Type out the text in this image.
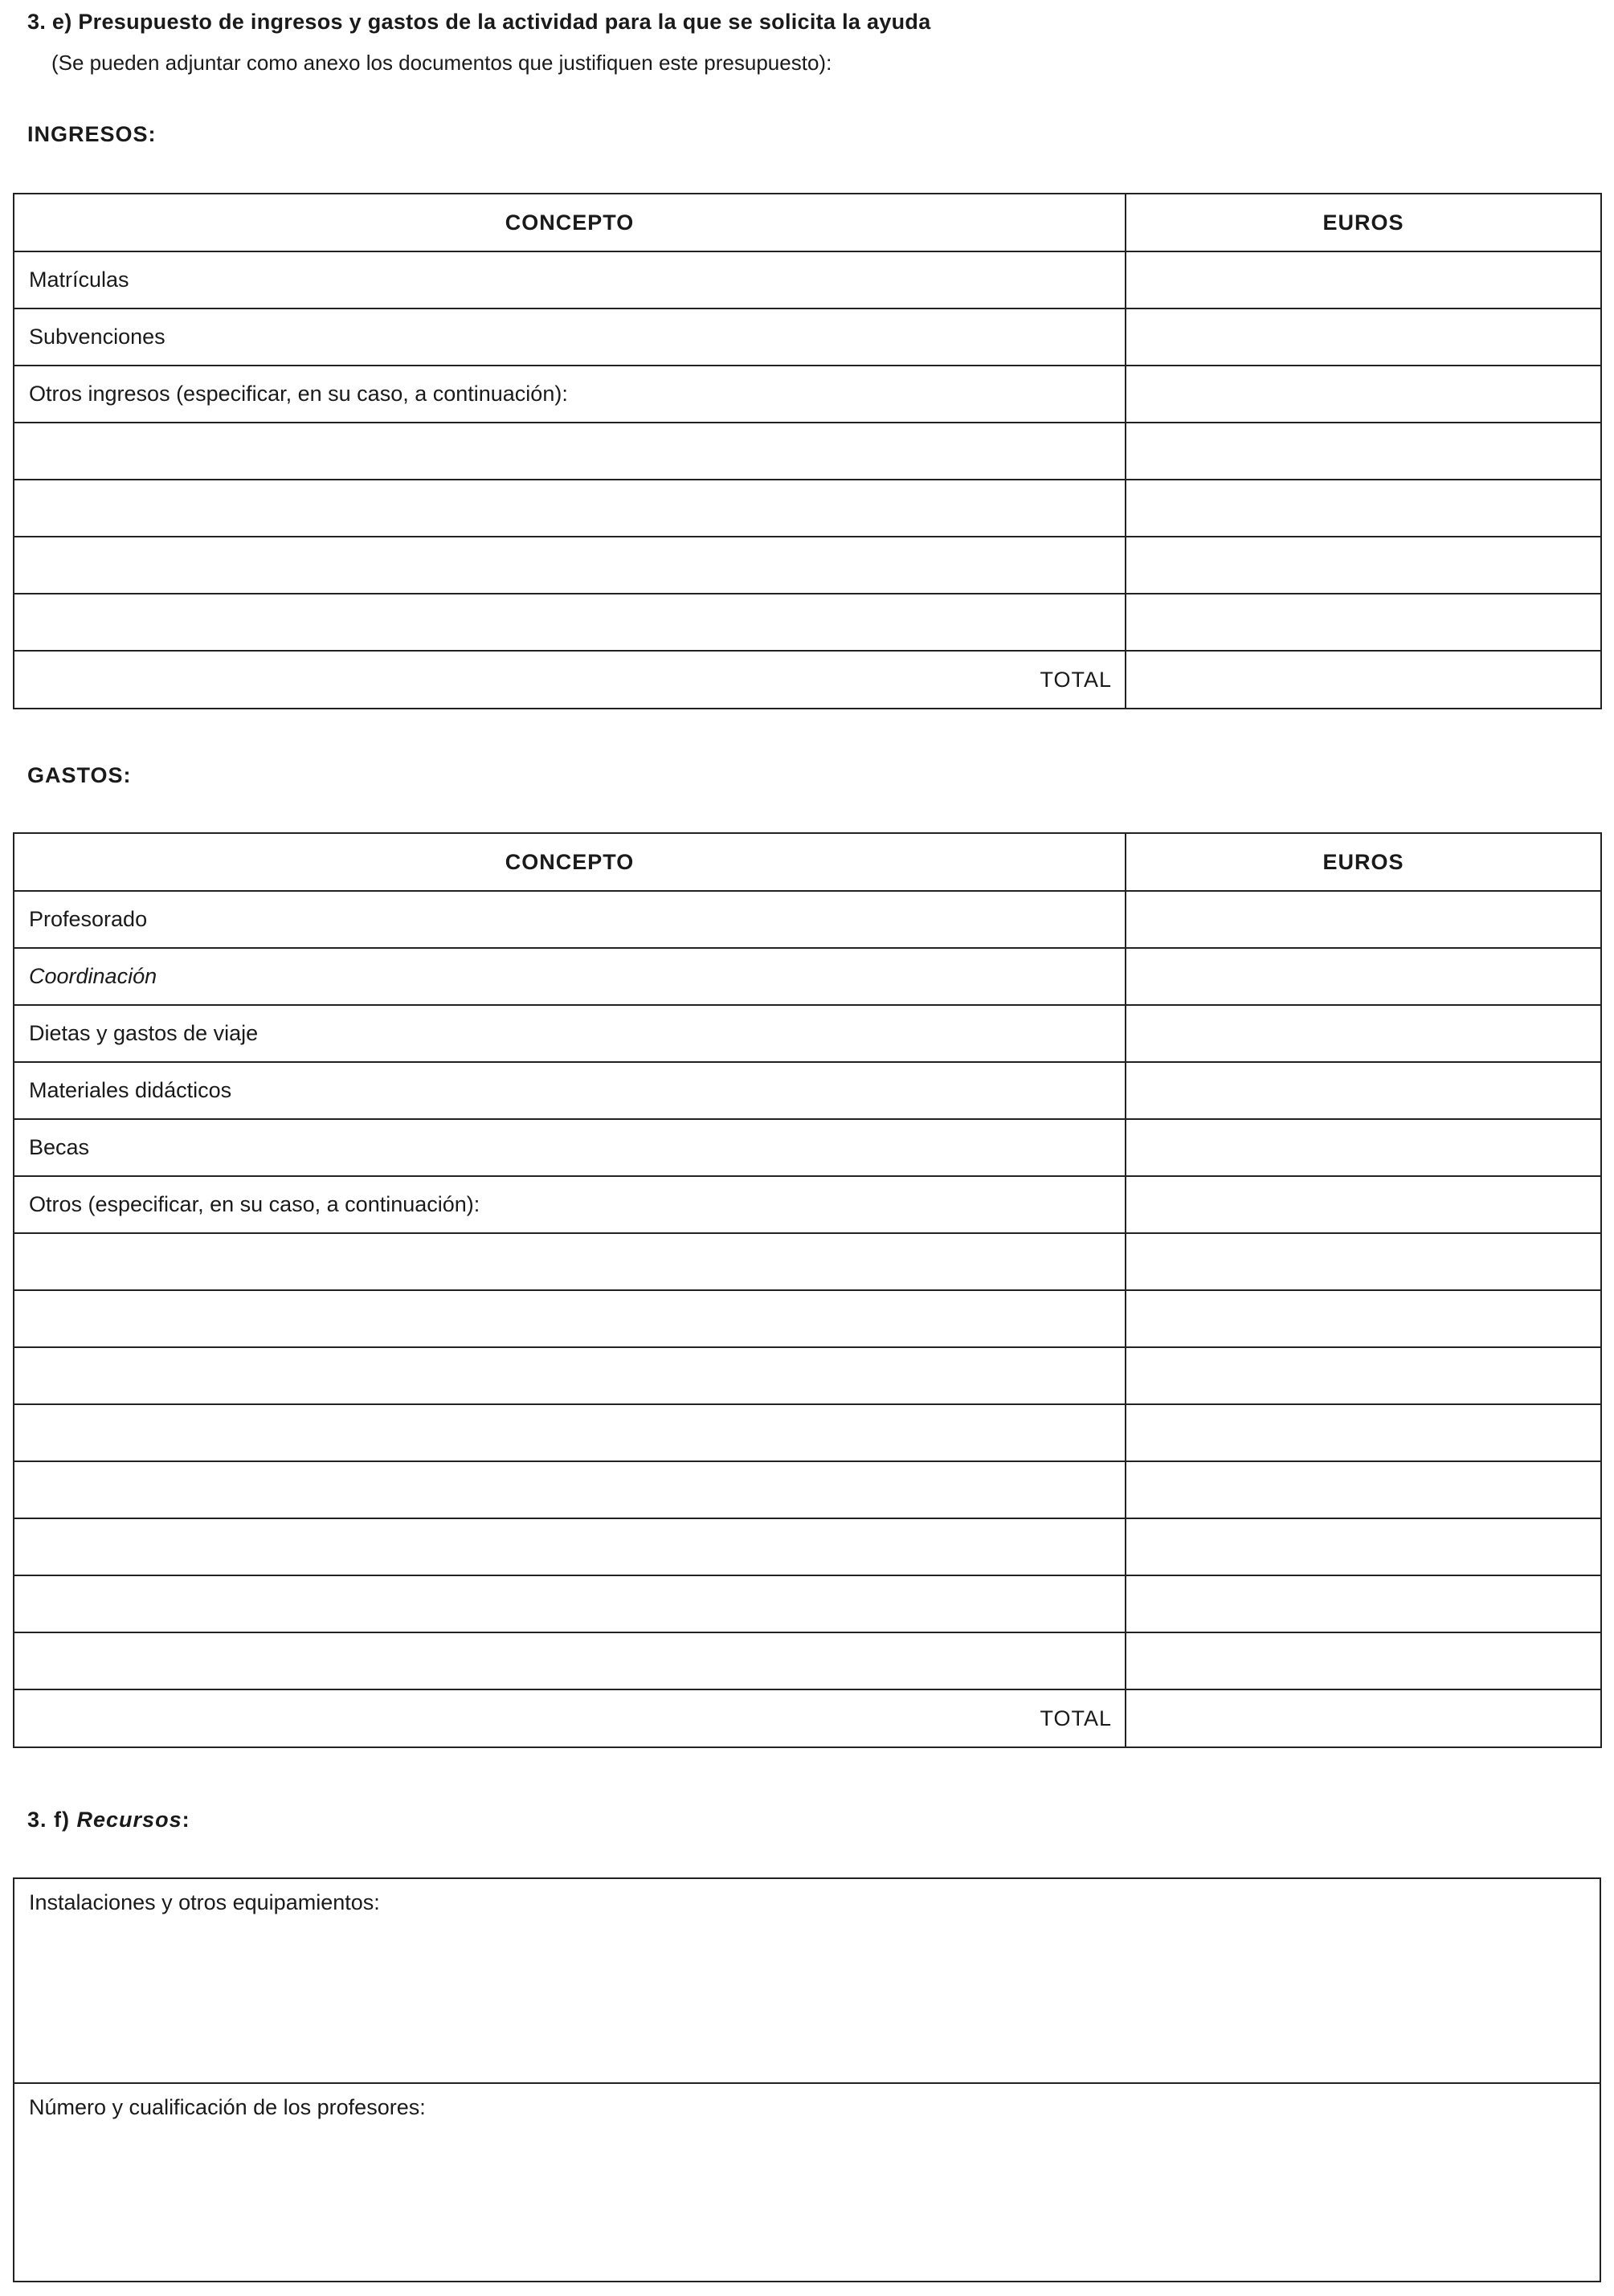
3. e) Presupuesto de ingresos y gastos de la actividad para la que se solicita la ayuda
(Se pueden adjuntar como anexo los documentos que justifiquen este presupuesto):
INGRESOS:
CONCEPTO	EUROS
Matrículas	
Subvenciones	
Otros ingresos (especificar, en su caso, a continuación):	

TOTAL	
GASTOS:
CONCEPTO	EUROS
Profesorado	
Coordinación	
Dietas y gastos de viaje	
Materiales didácticos	
Becas	
Otros (especificar, en su caso, a continuación):	

TOTAL	
3. f) Recursos:
Instalaciones y otros equipamientos:
Número y cualificación de los profesores:
